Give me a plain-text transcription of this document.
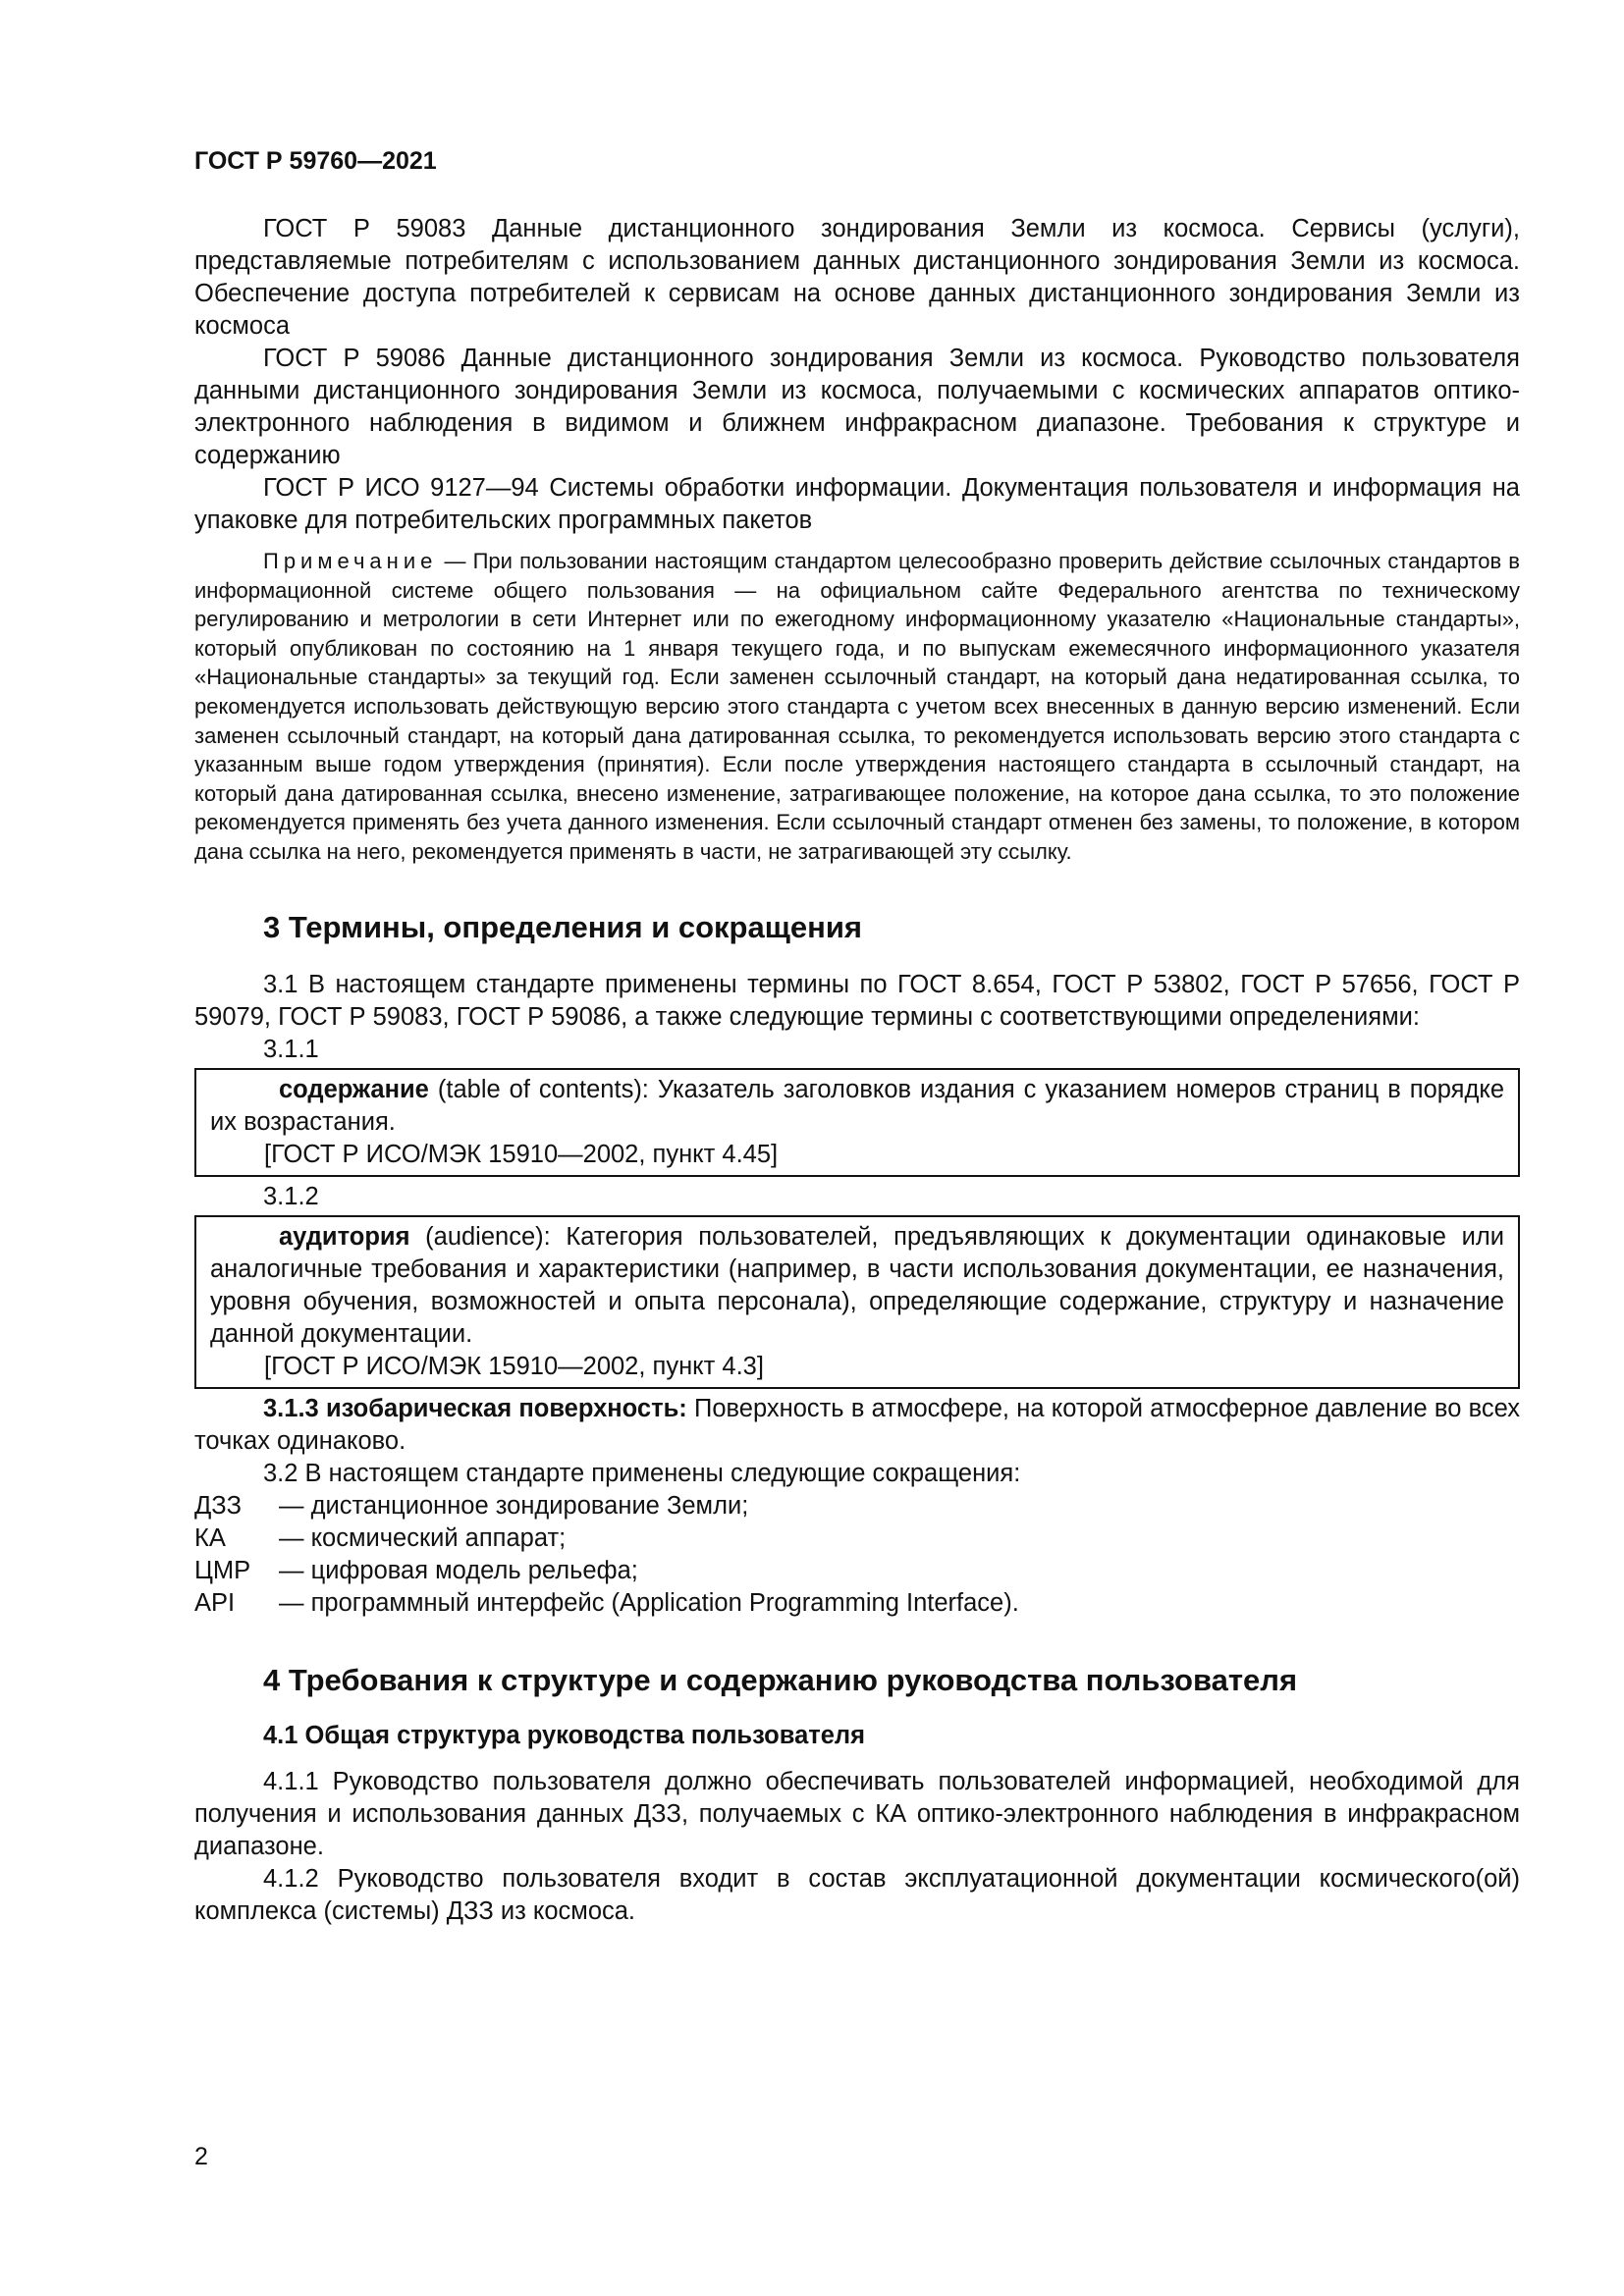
ГОСТ Р 59760—2021

ГОСТ Р 59083 Данные дистанционного зондирования Земли из космоса. Сервисы (услуги), представляемые потребителям с использованием данных дистанционного зондирования Земли из космоса. Обеспечение доступа потребителей к сервисам на основе данных дистанционного зондирования Земли из космоса

ГОСТ Р 59086 Данные дистанционного зондирования Земли из космоса. Руководство пользователя данными дистанционного зондирования Земли из космоса, получаемыми с космических аппаратов оптико-электронного наблюдения в видимом и ближнем инфракрасном диапазоне. Требования к структуре и содержанию

ГОСТ Р ИСО 9127—94 Системы обработки информации. Документация пользователя и информация на упаковке для потребительских программных пакетов

Примечание — При пользовании настоящим стандартом целесообразно проверить действие ссылочных стандартов в информационной системе общего пользования — на официальном сайте Федерального агентства по техническому регулированию и метрологии в сети Интернет или по ежегодному информационному указателю «Национальные стандарты», который опубликован по состоянию на 1 января текущего года, и по выпускам ежемесячного информационного указателя «Национальные стандарты» за текущий год. Если заменен ссылочный стандарт, на который дана недатированная ссылка, то рекомендуется использовать действующую версию этого стандарта с учетом всех внесенных в данную версию изменений. Если заменен ссылочный стандарт, на который дана датированная ссылка, то рекомендуется использовать версию этого стандарта с указанным выше годом утверждения (принятия). Если после утверждения настоящего стандарта в ссылочный стандарт, на который дана датированная ссылка, внесено изменение, затрагивающее положение, на которое дана ссылка, то это положение рекомендуется применять без учета данного изменения. Если ссылочный стандарт отменен без замены, то положение, в котором дана ссылка на него, рекомендуется применять в части, не затрагивающей эту ссылку.

3 Термины, определения и сокращения

3.1 В настоящем стандарте применены термины по ГОСТ 8.654, ГОСТ Р 53802, ГОСТ Р 57656, ГОСТ Р 59079, ГОСТ Р 59083, ГОСТ Р 59086, а также следующие термины с соответствующими определениями:

3.1.1

содержание (table of contents): Указатель заголовков издания с указанием номеров страниц в порядке их возрастания.

[ГОСТ Р ИСО/МЭК 15910—2002, пункт 4.45]

3.1.2

аудитория (audience): Категория пользователей, предъявляющих к документации одинаковые или аналогичные требования и характеристики (например, в части использования документации, ее назначения, уровня обучения, возможностей и опыта персонала), определяющие содержание, структуру и назначение данной документации.

[ГОСТ Р ИСО/МЭК 15910—2002, пункт 4.3]

3.1.3 изобарическая поверхность: Поверхность в атмосфере, на которой атмосферное давление во всех точках одинаково.

3.2 В настоящем стандарте применены следующие сокращения:

ДЗЗ	— дистанционное зондирование Земли;
КА	— космический аппарат;
ЦМР	— цифровая модель рельефа;
API	— программный интерфейс (Application Programming Interface).
4 Требования к структуре и содержанию руководства пользователя
4.1 Общая структура руководства пользователя

4.1.1 Руководство пользователя должно обеспечивать пользователей информацией, необходимой для получения и использования данных ДЗЗ, получаемых с КА оптико-электронного наблюдения в инфракрасном диапазоне.

4.1.2 Руководство пользователя входит в состав эксплуатационной документации космического(ой) комплекса (системы) ДЗЗ из космоса.

2
